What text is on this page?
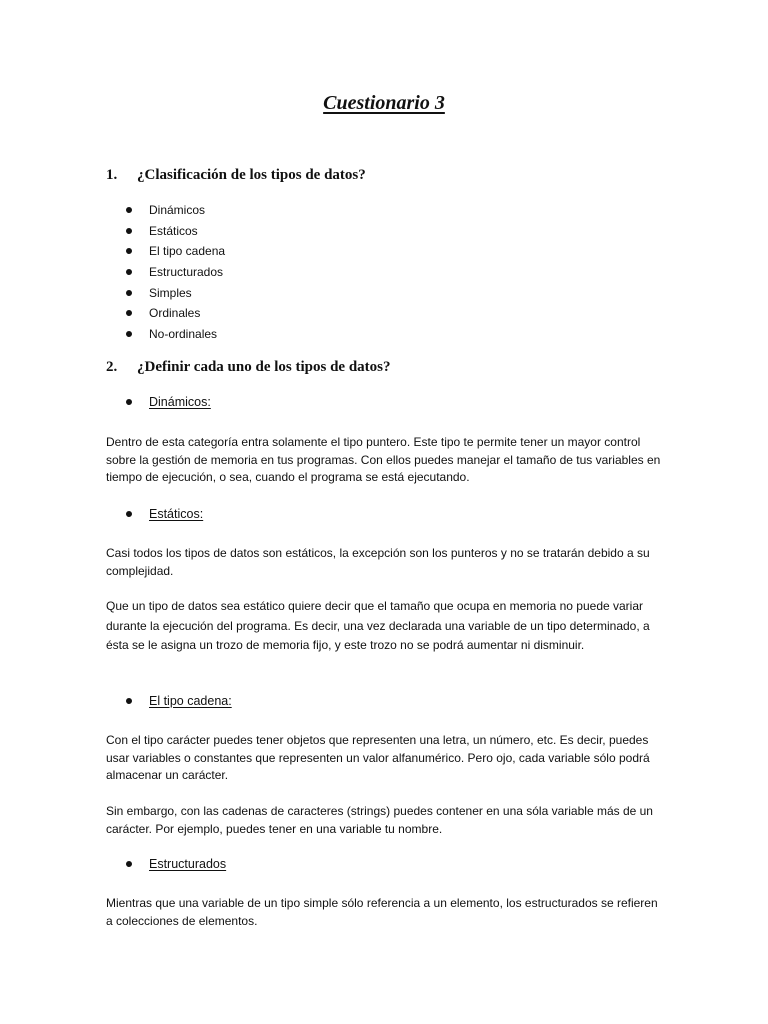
Cuestionario 3
1. ¿Clasificación de los tipos de datos?
Dinámicos
Estáticos
El tipo cadena
Estructurados
Simples
Ordinales
No-ordinales
2. ¿Definir cada uno de los tipos de datos?
Dinámicos:

Dentro de esta categoría entra solamente el tipo puntero. Este tipo te permite tener un mayor control sobre la gestión de memoria en tus programas. Con ellos puedes manejar el tamaño de tus variables en tiempo de ejecución, o sea, cuando el programa se está ejecutando.

Estáticos:

Casi todos los tipos de datos son estáticos, la excepción son los punteros y no se tratarán debido a su complejidad.

Que un tipo de datos sea estático quiere decir que el tamaño que ocupa en memoria no puede variar durante la ejecución del programa. Es decir, una vez declarada una variable de un tipo determinado, a ésta se le asigna un trozo de memoria fijo, y este trozo no se podrá aumentar ni disminuir.

El tipo cadena:

Con el tipo carácter puedes tener objetos que representen una letra, un número, etc. Es decir, puedes usar variables o constantes que representen un valor alfanumérico. Pero ojo, cada variable sólo podrá almacenar un carácter.

Sin embargo, con las cadenas de caracteres (strings) puedes contener en una sóla variable más de un carácter. Por ejemplo, puedes tener en una variable tu nombre.

Estructurados

Mientras que una variable de un tipo simple sólo referencia a un elemento, los estructurados se refieren a colecciones de elementos.
